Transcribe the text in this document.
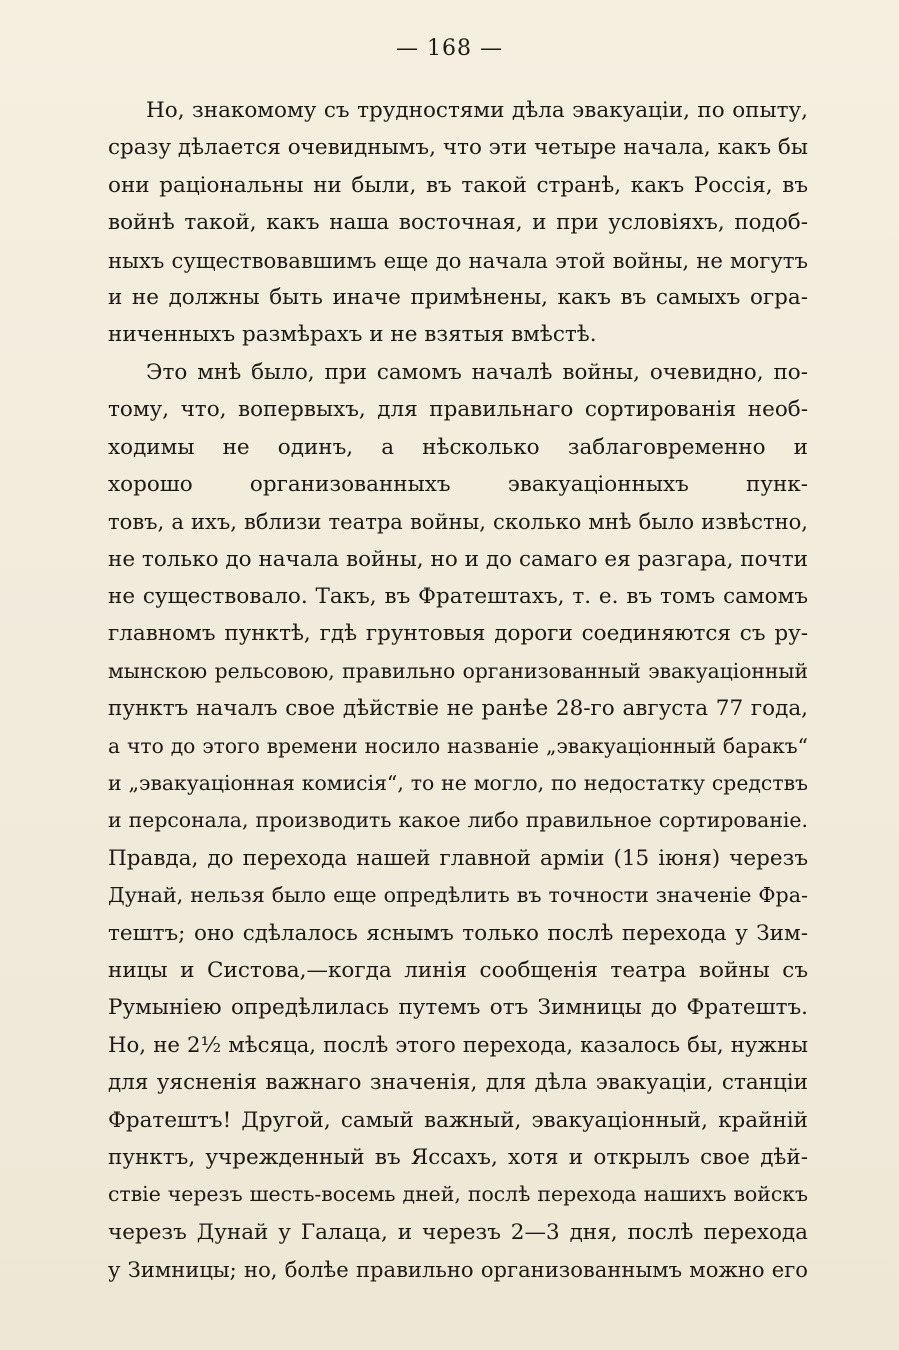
— 168 —
Но, знакомому съ трудностями дѣла эвакуаціи, по опыту,
сразу дѣлается очевиднымъ, что эти четыре начала, какъ бы
они раціональны ни были, въ такой странѣ, какъ Россія, въ
войнѣ такой, какъ наша восточная, и при условіяхъ, подоб-
ныхъ существовавшимъ еще до начала этой войны, не могутъ
и не должны быть иначе примѣнены, какъ въ самыхъ огра-
ниченныхъ размѣрахъ и не взятыя вмѣстѣ.
Это мнѣ было, при самомъ началѣ войны, очевидно, по-
тому, что, вопервыхъ, для правильнаго сортированія необ-
ходимы не одинъ, а нѣсколько заблаговременно и
хорошо организованныхъ эвакуаціонныхъ пунк-
товъ, а ихъ, вблизи театра войны, сколько мнѣ было извѣстно,
не только до начала войны, но и до самаго ея разгара, почти
не существовало. Такъ, въ Фратештахъ, т. е. въ томъ самомъ
главномъ пунктѣ, гдѣ грунтовыя дороги соединяются съ ру-
мынскою рельсовою, правильно организованный эвакуаціонный
пунктъ началъ свое дѣйствіе не ранѣе 28-го августа 77 года,
а что до этого времени носило названіе „эвакуаціонный баракъ“
и „эвакуаціонная комисія“, то не могло, по недостатку средствъ
и персонала, производить какое либо правильное сортированіе.
Правда, до перехода нашей главной арміи (15 іюня) черезъ
Дунай, нельзя было еще опредѣлить въ точности значеніе Фра-
тештъ; оно сдѣлалось яснымъ только послѣ перехода у Зим-
ницы и Систова,—когда линія сообщенія театра войны съ
Румыніею опредѣлилась путемъ отъ Зимницы до Фратештъ.
Но, не 2½ мѣсяца, послѣ этого перехода, казалось бы, нужны
для уясненія важнаго значенія, для дѣла эвакуаціи, станціи
Фратештъ! Другой, самый важный, эвакуаціонный, крайній
пунктъ, учрежденный въ Яссахъ, хотя и открылъ свое дѣй-
ствіе черезъ шесть-восемь дней, послѣ перехода нашихъ войскъ
черезъ Дунай у Галаца, и черезъ 2—3 дня, послѣ перехода
у Зимницы; но, болѣе правильно организованнымъ можно его
